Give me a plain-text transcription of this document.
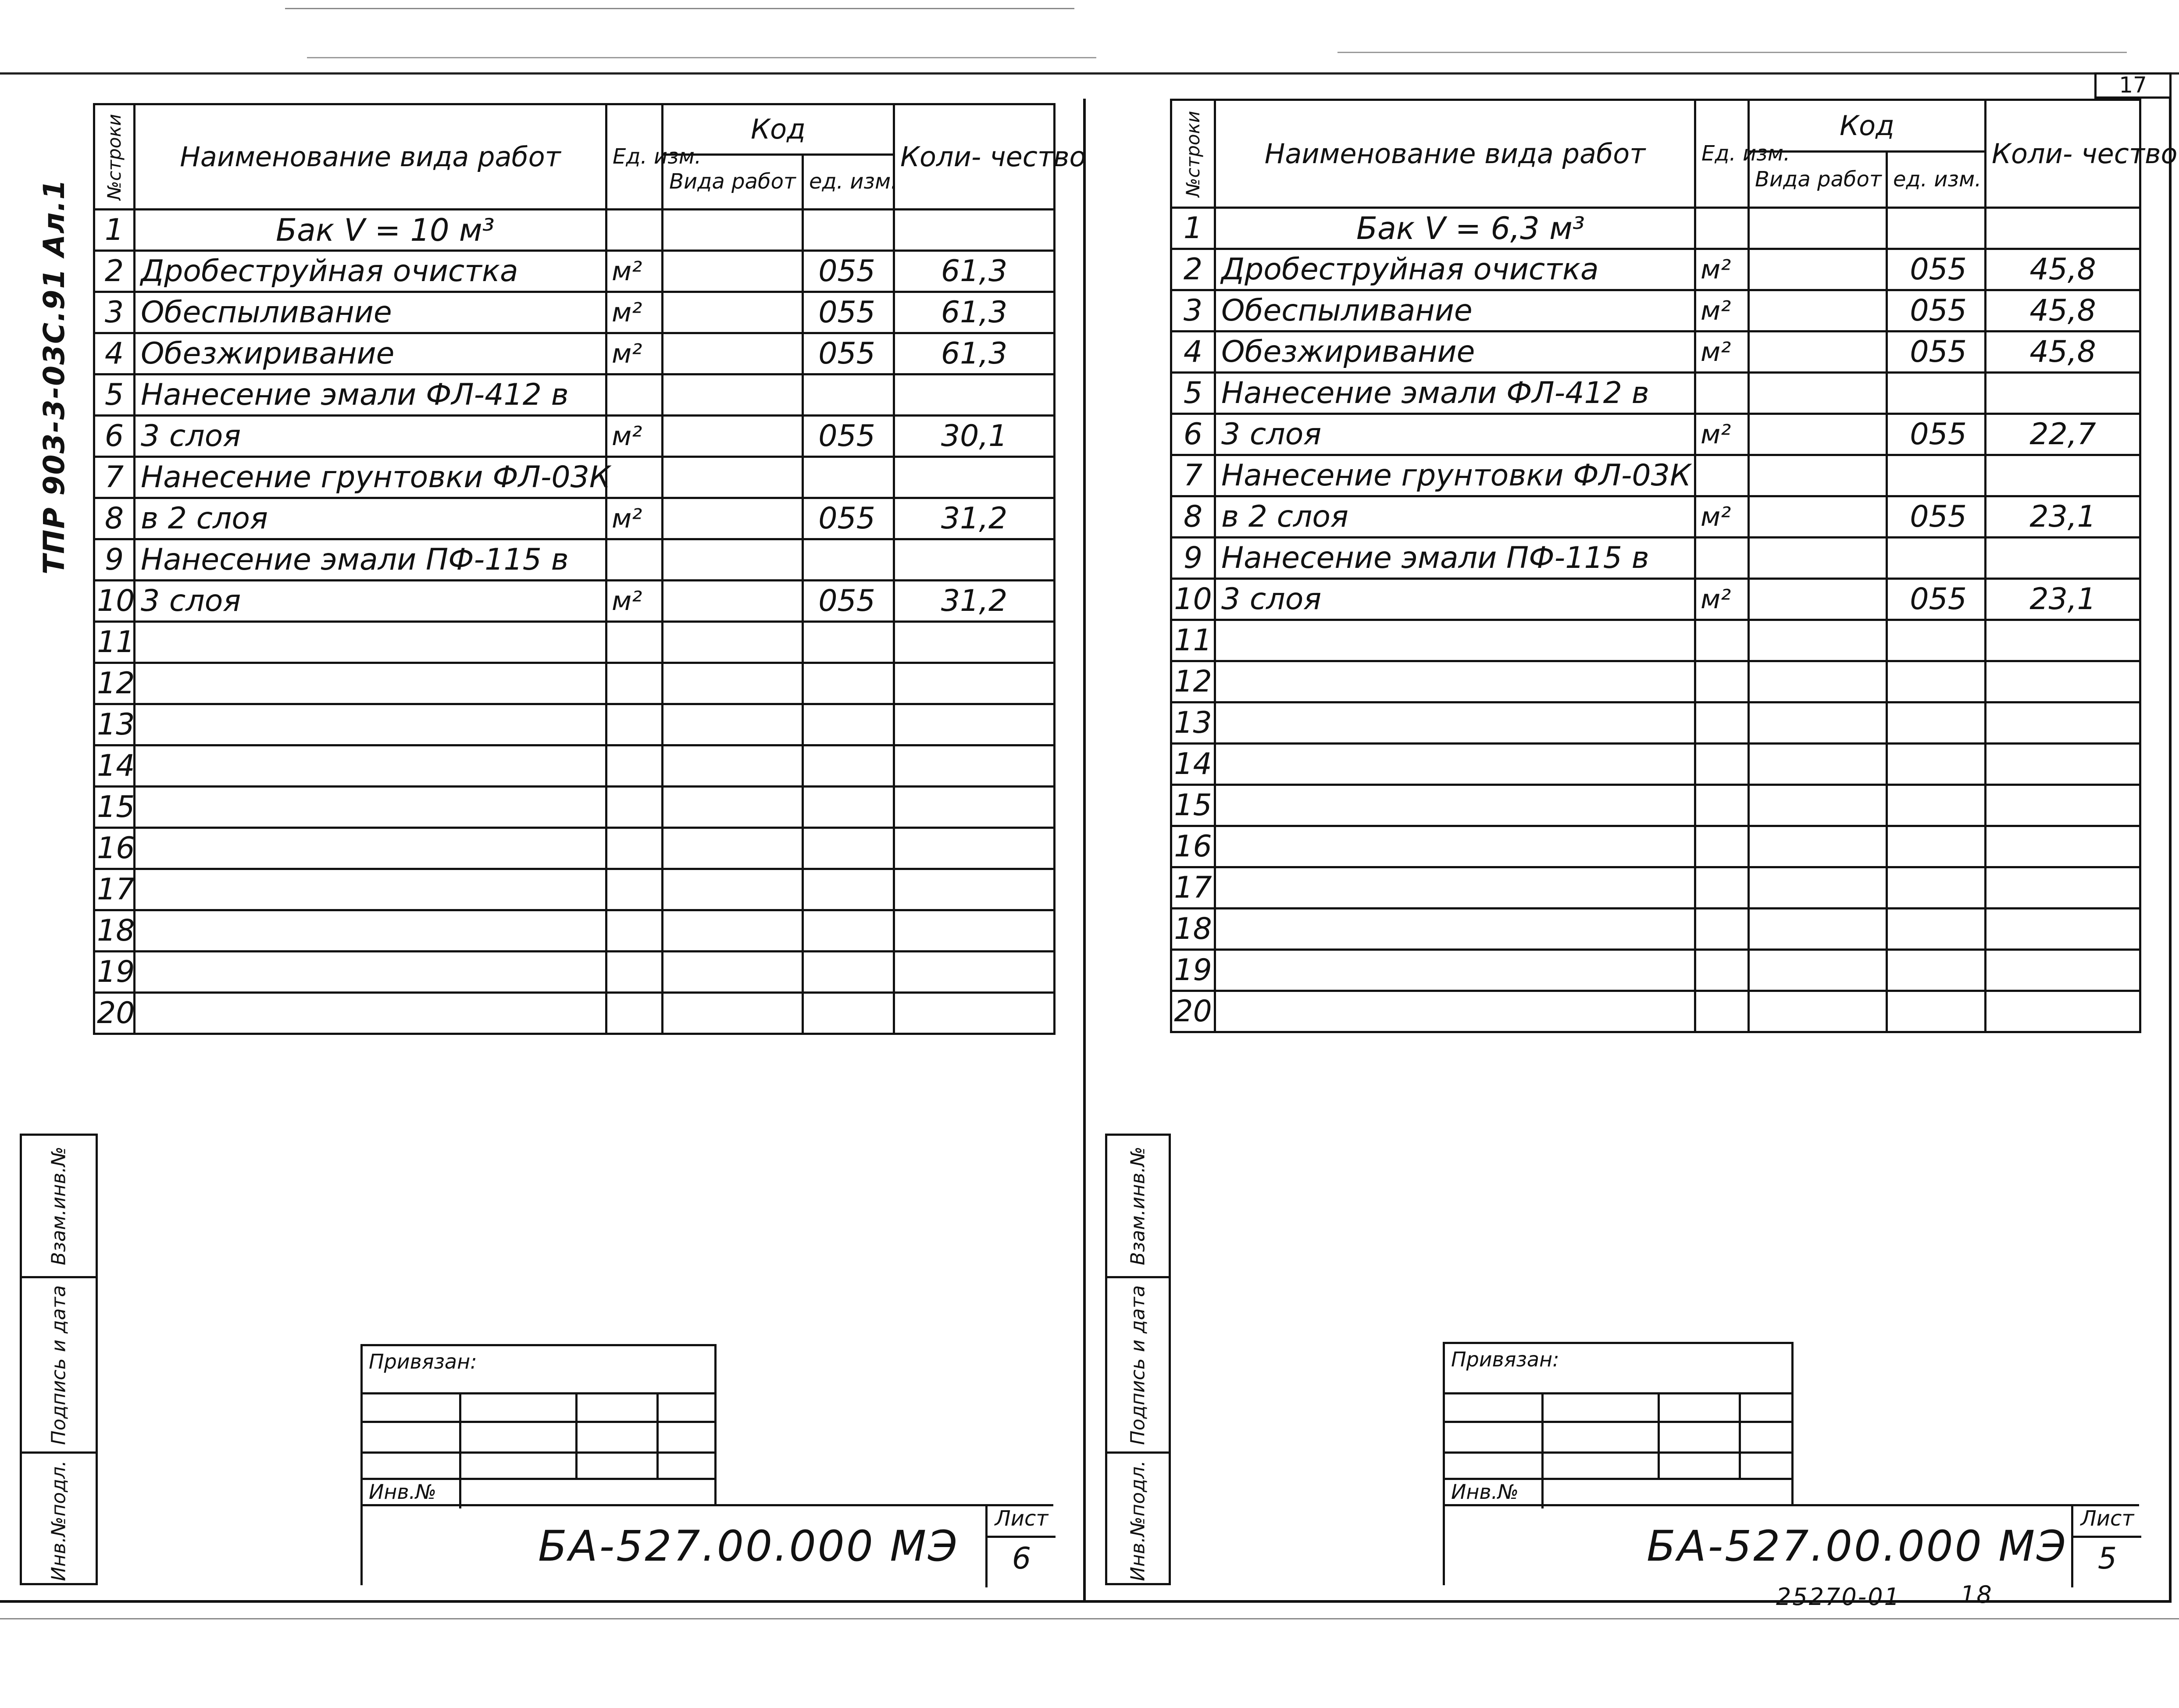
17
ТПР 903-3-03С.91 Ал.1
Взам.инв.№
Подпись и дата
Инв.№подл.
Взам.инв.№
Подпись и дата
Инв.№подл.
№строки	Наименование вида работ	Ед. изм.	Код		Коли- чество
			Вида работ	ед. изм.	
1	Бак V = 10 м³				
2	Дробеструйная очистка	м²		055	61,3
3	Обеспыливание	м²		055	61,3
4	Обезжиривание	м²		055	61,3
5	Нанесение эмали ФЛ-412 в				
6	3 слоя	м²		055	30,1
7	Нанесение грунтовки ФЛ-03К				
8	в 2 слоя	м²		055	31,2
9	Нанесение эмали ПФ-115 в				
10	3 слоя	м²		055	31,2
11					
12					
13					
14					
15					
16					
17					
18					
19					
20					
№строки	Наименование вида работ	Ед. изм.	Код		Коли- чество
			Вида работ	ед. изм.	
1	Бак V = 6,3 м³				
2	Дробеструйная очистка	м²		055	45,8
3	Обеспыливание	м²		055	45,8
4	Обезжиривание	м²		055	45,8
5	Нанесение эмали ФЛ-412 в				
6	3 слоя	м²		055	22,7
7	Нанесение грунтовки ФЛ-03К				
8	в 2 слоя	м²		055	23,1
9	Нанесение эмали ПФ-115 в				
10	3 слоя	м²		055	23,1
11					
12					
13					
14					
15					
16					
17					
18					
19					
20					
Привязан:
Инв.№
Привязан:
Инв.№
БА-527.00.000 МЭ
Лист
6	БА-527.00.000 МЭ
Лист
5
25270-01	18
